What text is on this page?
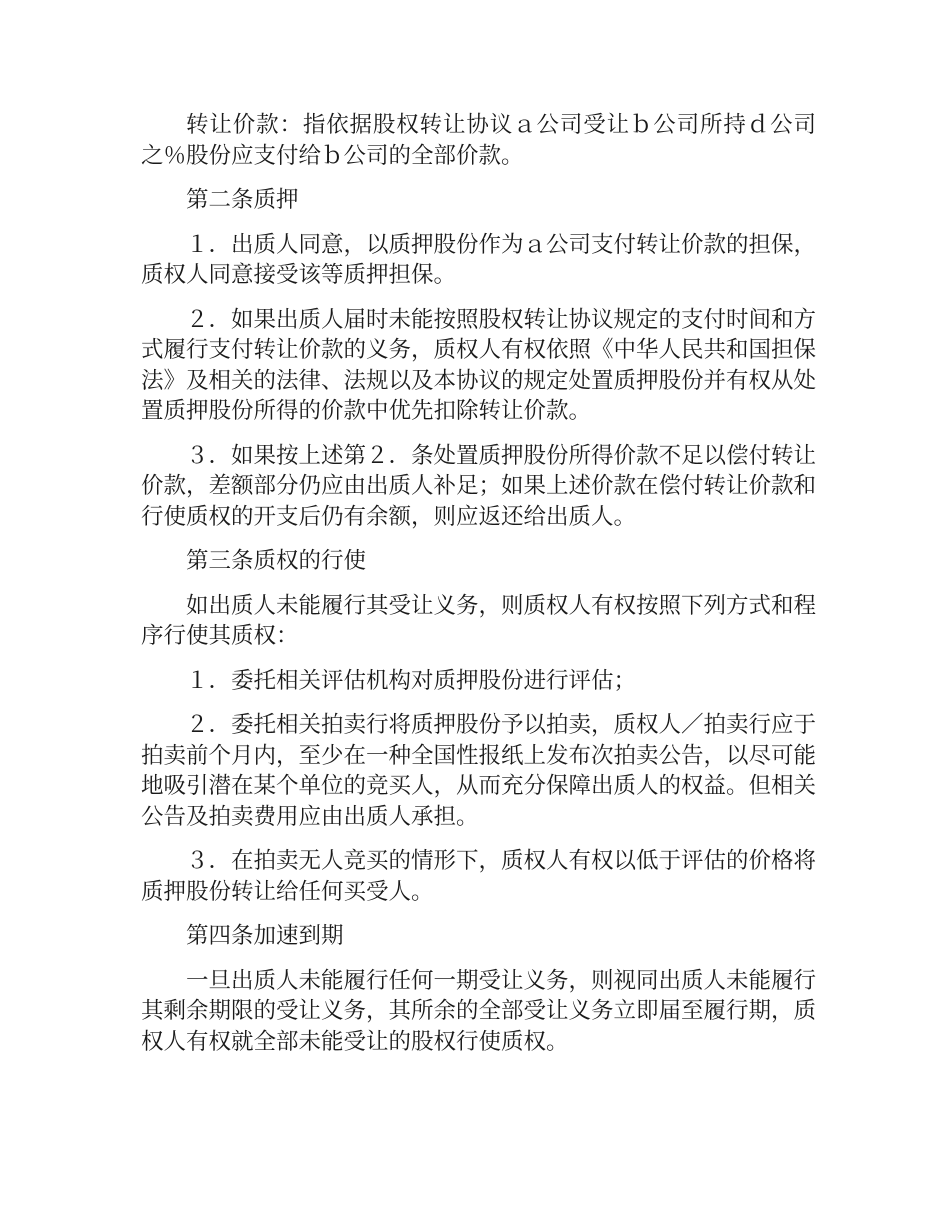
转让价款：指依据股权转让协议ａ公司受让ｂ公司所持ｄ公司之％股份应支付给ｂ公司的全部价款。

第二条质押

１．出质人同意，以质押股份作为ａ公司支付转让价款的担保，质权人同意接受该等质押担保。

２．如果出质人届时未能按照股权转让协议规定的支付时间和方式履行支付转让价款的义务，质权人有权依照《中华人民共和国担保法》及相关的法律、法规以及本协议的规定处置质押股份并有权从处置质押股份所得的价款中优先扣除转让价款。

３．如果按上述第２．条处置质押股份所得价款不足以偿付转让价款，差额部分仍应由出质人补足；如果上述价款在偿付转让价款和行使质权的开支后仍有余额，则应返还给出质人。

第三条质权的行使

如出质人未能履行其受让义务，则质权人有权按照下列方式和程序行使其质权：

１．委托相关评估机构对质押股份进行评估；

２．委托相关拍卖行将质押股份予以拍卖，质权人／拍卖行应于拍卖前个月内，至少在一种全国性报纸上发布次拍卖公告，以尽可能地吸引潜在某个单位的竞买人，从而充分保障出质人的权益。但相关公告及拍卖费用应由出质人承担。

３．在拍卖无人竞买的情形下，质权人有权以低于评估的价格将质押股份转让给任何买受人。

第四条加速到期

一旦出质人未能履行任何一期受让义务，则视同出质人未能履行其剩余期限的受让义务，其所余的全部受让义务立即届至履行期，质权人有权就全部未能受让的股权行使质权。
